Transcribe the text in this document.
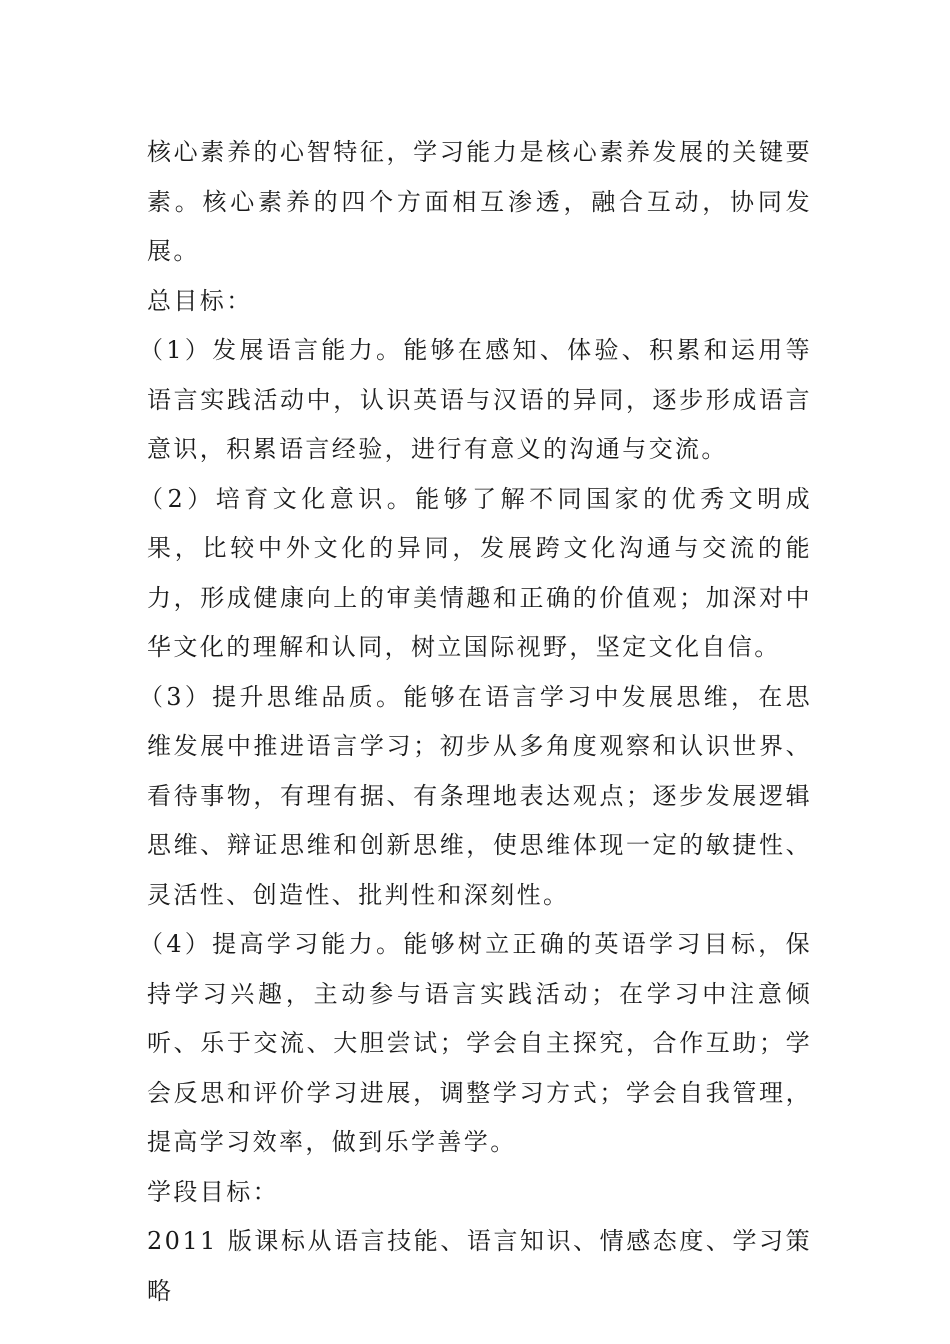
核心素养的心智特征，学习能力是核心素养发展的关键要素。核心素养的四个方面相互渗透，融合互动，协同发展。

总目标：

（1）发展语言能力。能够在感知、体验、积累和运用等语言实践活动中，认识英语与汉语的异同，逐步形成语言意识，积累语言经验，进行有意义的沟通与交流。

（2）培育文化意识。能够了解不同国家的优秀文明成果，比较中外文化的异同，发展跨文化沟通与交流的能力，形成健康向上的审美情趣和正确的价值观；加深对中华文化的理解和认同，树立国际视野，坚定文化自信。

（3）提升思维品质。能够在语言学习中发展思维，在思维发展中推进语言学习；初步从多角度观察和认识世界、看待事物，有理有据、有条理地表达观点；逐步发展逻辑思维、辩证思维和创新思维，使思维体现一定的敏捷性、灵活性、创造性、批判性和深刻性。

（4）提高学习能力。能够树立正确的英语学习目标，保持学习兴趣，主动参与语言实践活动；在学习中注意倾听、乐于交流、大胆尝试；学会自主探究，合作互助；学会反思和评价学习进展，调整学习方式；学会自我管理，提高学习效率，做到乐学善学。

学段目标：

2011 版课标从语言技能、语言知识、情感态度、学习策略
